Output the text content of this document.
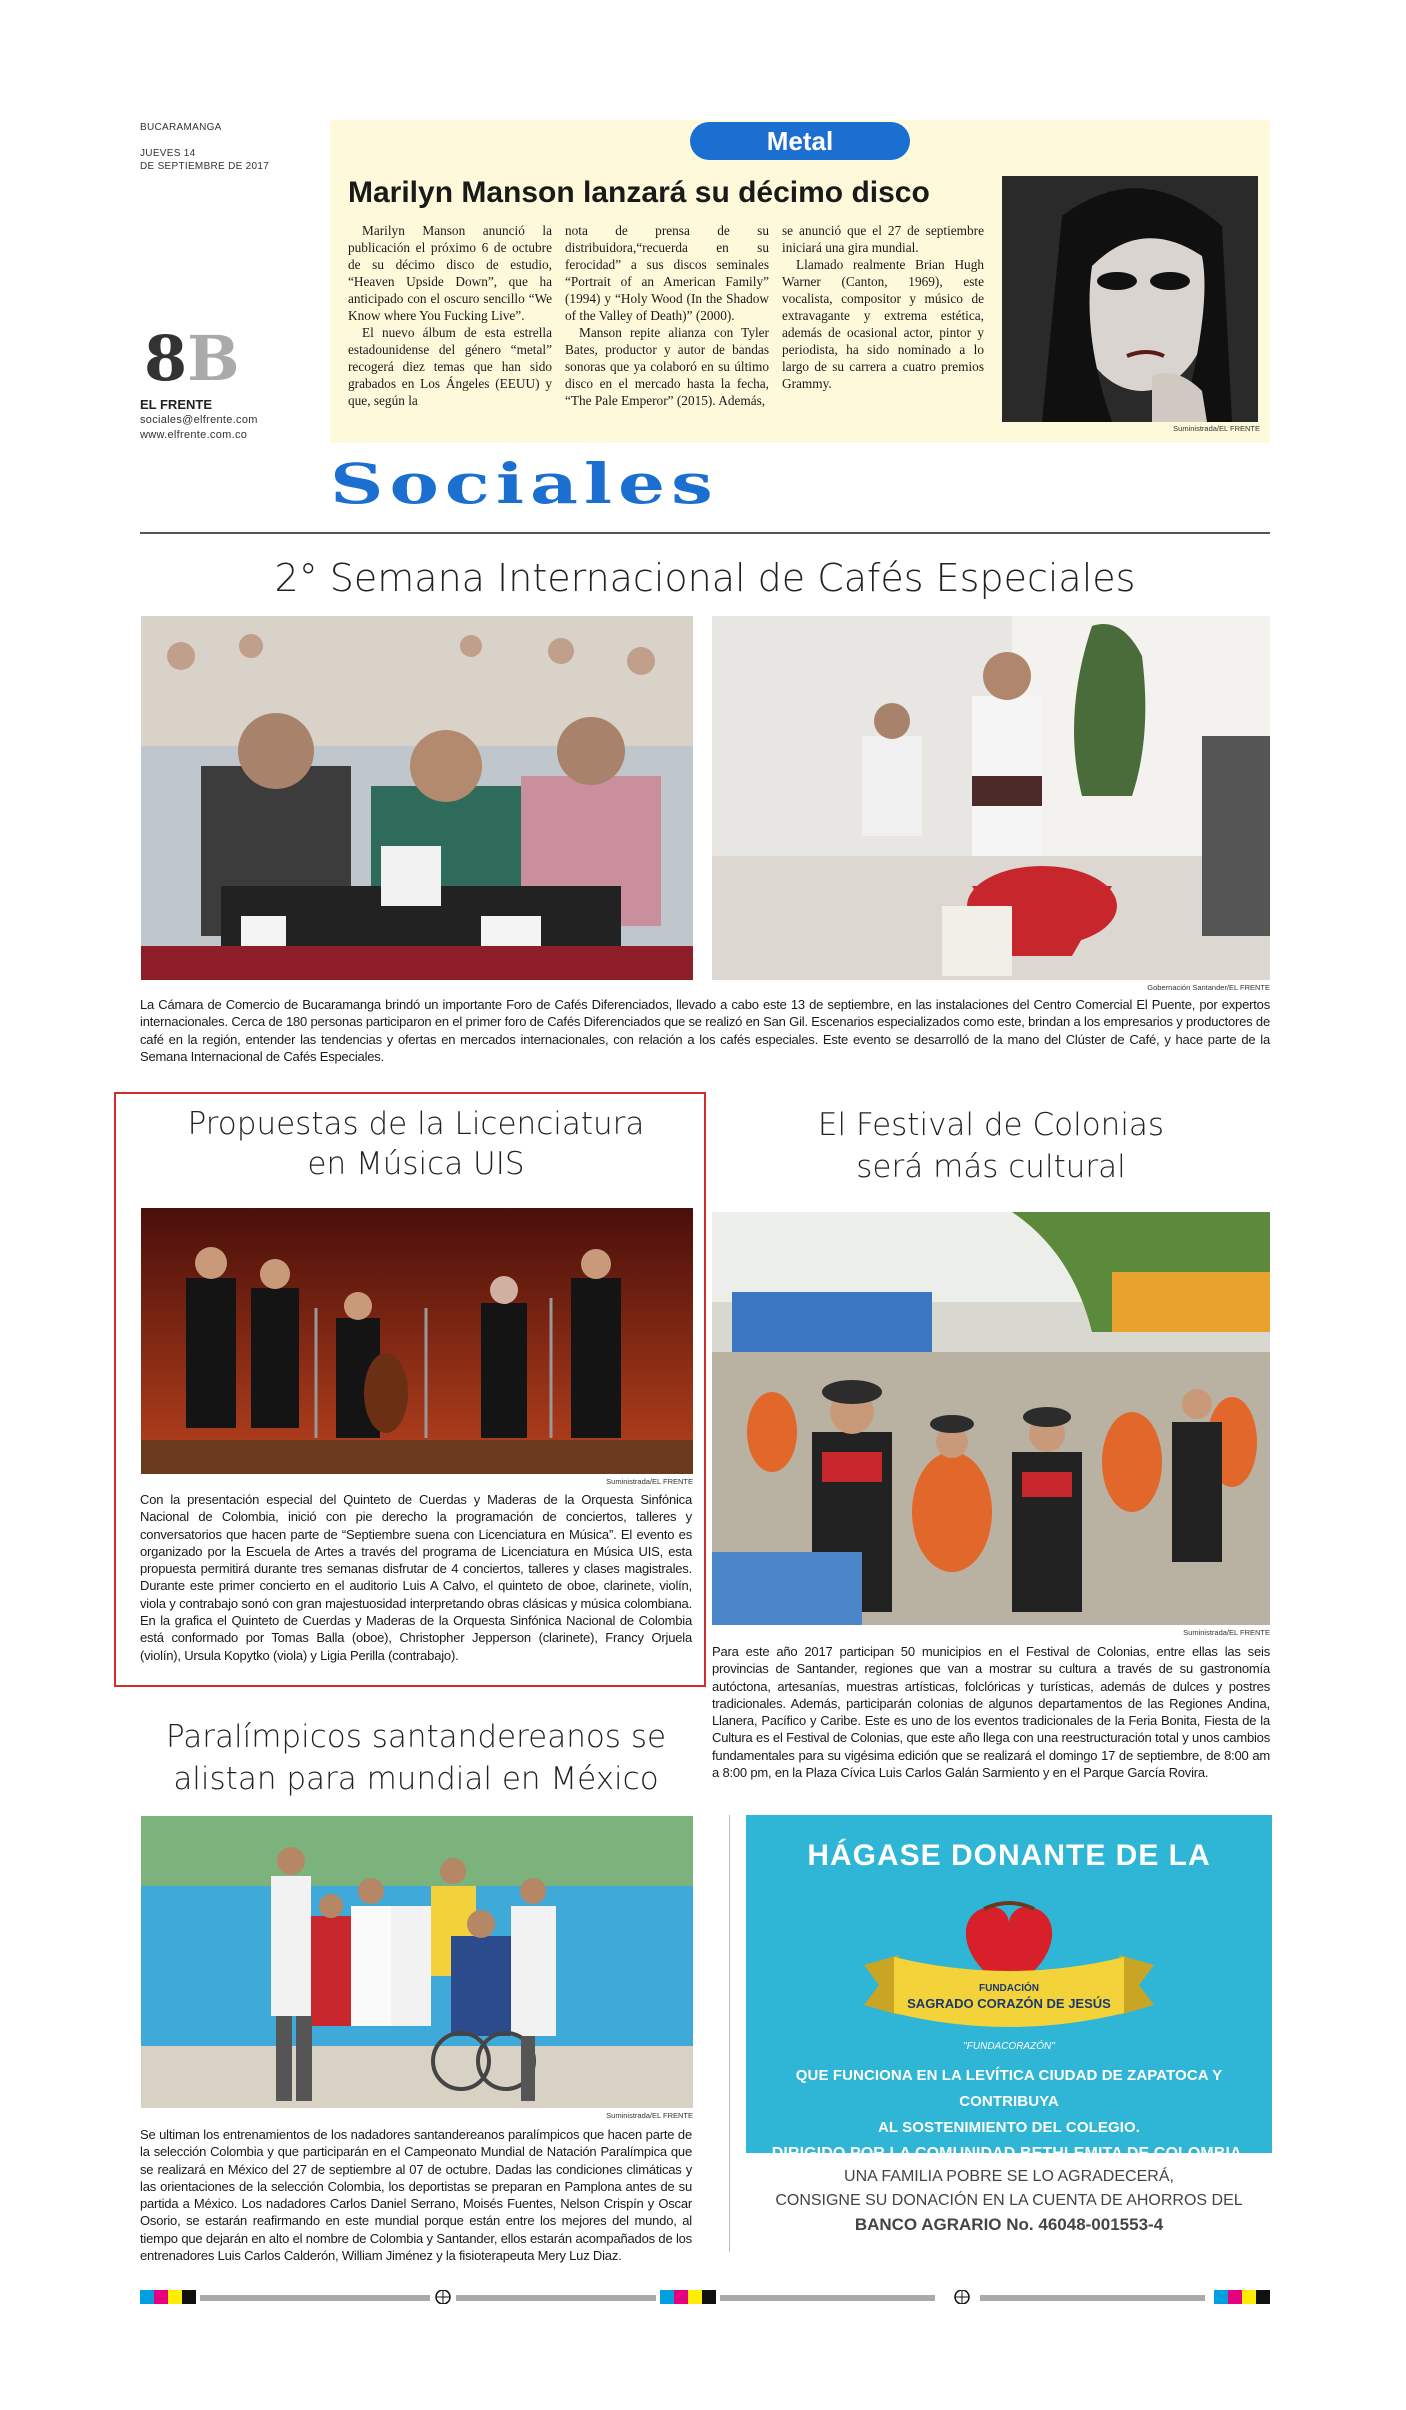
BUCARAMANGA
JUEVES 14
DE SEPTIEMBRE DE 2017
8B
EL FRENTE
sociales@elfrente.com
www.elfrente.com.co
Metal
Marilyn Manson lanzará su décimo disco

Marilyn Manson anunció la publicación el próximo 6 de octubre de su décimo disco de estudio, “Heaven Upside Down”, que ha anticipado con el oscuro sencillo “We Know where You Fucking Live”.

El nuevo álbum de esta estrella estadounidense del género “metal” recogerá diez temas que han sido grabados en Los Ángeles (EEUU) y que, según la

nota de prensa de su distribuidora,“recuerda en su ferocidad” a sus discos seminales “Portrait of an American Family” (1994) y “Holy Wood (In the Shadow of the Valley of Death)” (2000).

Manson repite alianza con Tyler Bates, productor y autor de bandas sonoras que ya colaboró en su último disco en el mercado hasta la fecha, “The Pale Emperor” (2015). Además,

se anunció que el 27 de septiembre iniciará una gira mundial.

Llamado realmente Brian Hugh Warner (Canton, 1969), este vocalista, compositor y músico de extravagante y extrema estética, además de ocasional actor, pintor y periodista, ha sido nominado a lo largo de su carrera a cuatro premios Grammy.

Suministrada/EL FRENTE
Sociales
2° Semana Internacional de Cafés Especiales
Gobernación Santander/EL FRENTE
La Cámara de Comercio de Bucaramanga brindó un importante Foro de Cafés Diferenciados, llevado a cabo este 13 de septiembre, en las instalaciones del Centro Comercial El Puente, por expertos internacionales. Cerca de 180 personas participaron en el primer foro de Cafés Diferenciados que se realizó en San Gil. Escenarios especializados como este, brindan a los empresarios y productores de café en la región, entender las tendencias y ofertas en mercados internacionales, con relación a los cafés especiales. Este evento se desarrolló de la mano del Clúster de Café, y hace parte de la Semana Internacional de Cafés Especiales.
Propuestas de la Licenciatura
en Música UIS
Suministrada/EL FRENTE
Con la presentación especial del Quinteto de Cuerdas y Maderas de la Orquesta Sinfónica Nacional de Colombia, inició con pie derecho la programación de conciertos, talleres y conversatorios que hacen parte de “Septiembre suena con Licenciatura en Música”. El evento es organizado por la Escuela de Artes a través del programa de Licenciatura en Música UIS, esta propuesta permitirá durante tres semanas disfrutar de 4 conciertos, talleres y clases magistrales. Durante este primer concierto en el auditorio Luis A Calvo, el quinteto de oboe, clarinete, violín, viola y contrabajo sonó con gran majestuosidad interpretando obras clásicas y música colombiana. En la grafica el Quinteto de Cuerdas y Maderas de la Orquesta Sinfónica Nacional de Colombia está conformado por Tomas Balla (oboe), Christopher Jepperson (clarinete), Francy Orjuela (violín), Ursula Kopytko (viola) y Ligia Perilla (contrabajo).
El Festival de Colonias
será más cultural
Suministrada/EL FRENTE
Para este año 2017 participan 50 municipios en el Festival de Colonias, entre ellas las seis provincias de Santander, regiones que van a mostrar su cultura a través de su gastronomía autóctona, artesanías, muestras artísticas, folclóricas y turísticas, además de dulces y postres tradicionales. Además, participarán colonias de algunos departamentos de las Regiones Andina, Llanera, Pacífico y Caribe. Este es uno de los eventos tradicionales de la Feria Bonita, Fiesta de la Cultura es el Festival de Colonias, que este año llega con una reestructuración total y unos cambios fundamentales para su vigésima edición que se realizará el domingo 17 de septiembre, de 8:00 am a 8:00 pm, en la Plaza Cívica Luis Carlos Galán Sarmiento y en el Parque García Rovira.
Paralímpicos santandereanos se
alistan para mundial en México
Suministrada/EL FRENTE
Se ultiman los entrenamientos de los nadadores santandereanos paralímpicos que hacen parte de la selección Colombia y que participarán en el Campeonato Mundial de Natación Paralímpica que se realizará en México del 27 de septiembre al 07 de octubre. Dadas las condiciones climáticas y las orientaciones de la selección Colombia, los deportistas se preparan en Pamplona antes de su partida a México. Los nadadores Carlos Daniel Serrano, Moisés Fuentes, Nelson Crispín y Oscar Osorio, se estarán reafirmando en este mundial porque están entre los mejores del mundo, al tiempo que dejarán en alto el nombre de Colombia y Santander, ellos estarán acompañados de los entrenadores Luis Carlos Calderón, William Jiménez y la fisioterapeuta Mery Luz Diaz.
HÁGASE DONANTE DE LA
FUNDACIÓN
SAGRADO CORAZÓN DE JESÚS
"FUNDACORAZÓN"
QUE FUNCIONA EN LA LEVÍTICA CIUDAD DE ZAPATOCA Y CONTRIBUYA
AL SOSTENIMIENTO DEL COLEGIO.
DIRIGIDO POR LA COMUNIDAD BETHLEMITA DE COLOMBIA.
UNA FAMILIA POBRE SE LO AGRADECERÁ,
CONSIGNE SU DONACIÓN EN LA CUENTA DE AHORROS DEL
BANCO AGRARIO No. 46048-001553-4
